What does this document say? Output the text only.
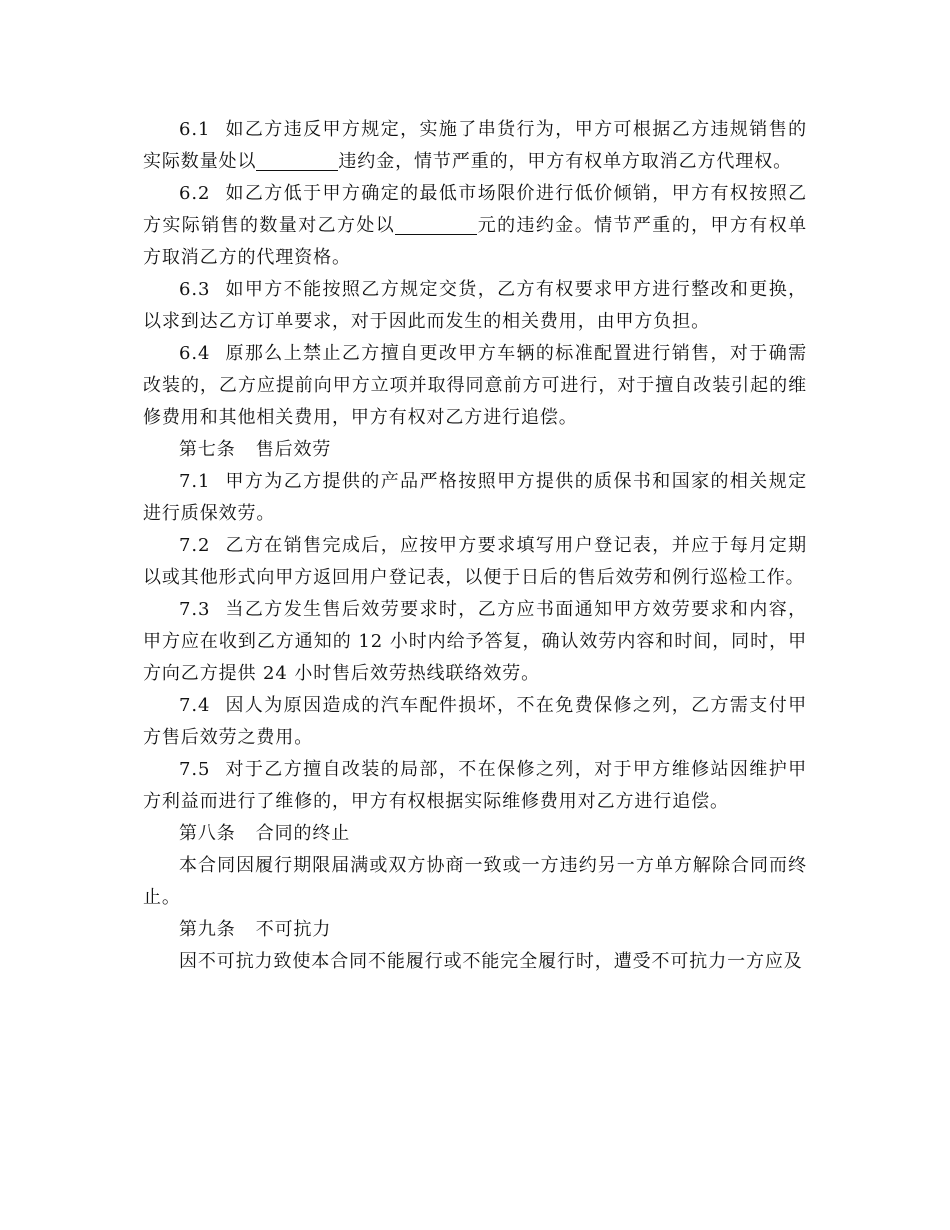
6.1 如乙方违反甲方规定，实施了串货行为，甲方可根据乙方违规销售的实际数量处以	违约金，情节严重的，甲方有权单方取消乙方代理权。

6.2 如乙方低于甲方确定的最低市场限价进行低价倾销，甲方有权按照乙方实际销售的数量对乙方处以	元的违约金。情节严重的，甲方有权单方取消乙方的代理资格。

6.3 如甲方不能按照乙方规定交货，乙方有权要求甲方进行整改和更换，以求到达乙方订单要求，对于因此而发生的相关费用，由甲方负担。

6.4 原那么上禁止乙方擅自更改甲方车辆的标准配置进行销售，对于确需改装的，乙方应提前向甲方立项并取得同意前方可进行，对于擅自改装引起的维修费用和其他相关费用，甲方有权对乙方进行追偿。

第七条 售后效劳

7.1 甲方为乙方提供的产品严格按照甲方提供的质保书和国家的相关规定进行质保效劳。

7.2 乙方在销售完成后，应按甲方要求填写用户登记表，并应于每月定期以或其他形式向甲方返回用户登记表，以便于日后的售后效劳和例行巡检工作。

7.3 当乙方发生售后效劳要求时，乙方应书面通知甲方效劳要求和内容，甲方应在收到乙方通知的 12 小时内给予答复，确认效劳内容和时间，同时，甲方向乙方提供 24 小时售后效劳热线联络效劳。

7.4 因人为原因造成的汽车配件损坏，不在免费保修之列，乙方需支付甲方售后效劳之费用。

7.5 对于乙方擅自改装的局部，不在保修之列，对于甲方维修站因维护甲方利益而进行了维修的，甲方有权根据实际维修费用对乙方进行追偿。

第八条 合同的终止

本合同因履行期限届满或双方协商一致或一方违约另一方单方解除合同而终止。

第九条 不可抗力

因不可抗力致使本合同不能履行或不能完全履行时，遭受不可抗力一方应及
